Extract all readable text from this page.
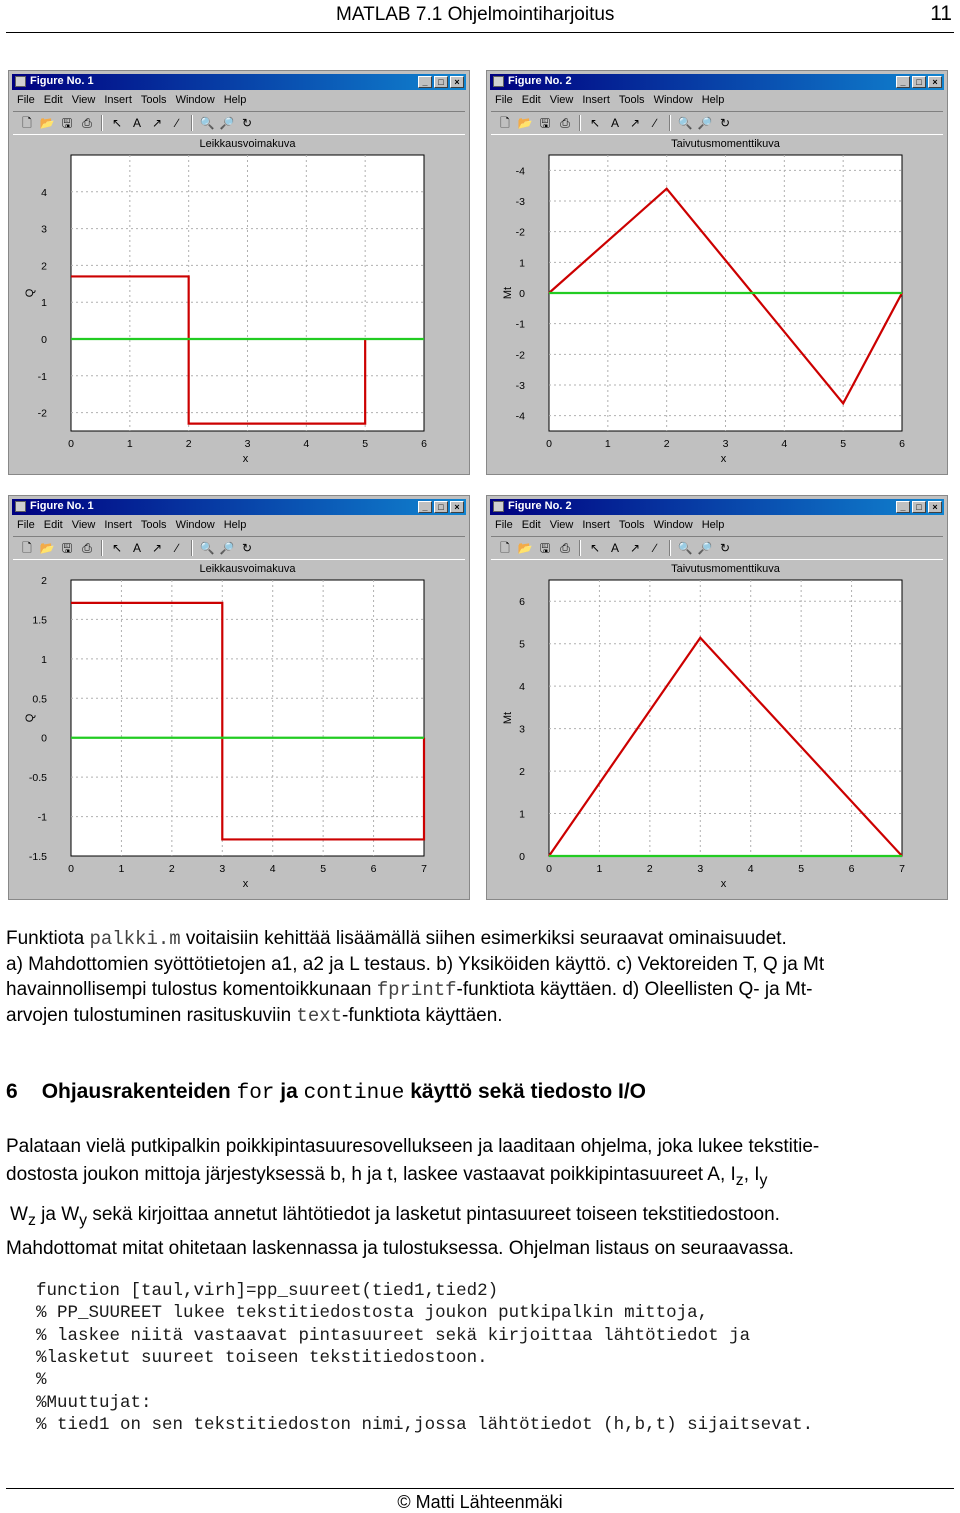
MATLAB 7.1 Ohjelmointiharjoitus	11
Figure No. 1	_	□	×
File Edit View Insert Tools Window Help
🗋 📂 🖫 ⎙ ↖ A ↗	∕	🔍 🔎 ↻
Leikkausvoimakuva
0	1	2	3	4	5	6
-2
-1
0
1
2
3
4
x
Q
Figure No. 2	_	□	×
File Edit View Insert Tools Window Help
🗋 📂 🖫 ⎙ ↖ A ↗	∕	🔍 🔎 ↻
Taivutusmomenttikuva
0	1	2	3	4	5	6
-4
-3
-2
1
0
-1
-2
-3
-4
x
Mt
Figure No. 1	_	□	×
File Edit View Insert Tools Window Help
🗋 📂 🖫 ⎙ ↖ A ↗	∕	🔍 🔎 ↻
Leikkausvoimakuva
0	1	2	3	4	5	6	7
-1.5
-1
-0.5
0
0.5
1
1.5
2
x
Q
Figure No. 2	_	□	×
File Edit View Insert Tools Window Help
🗋 📂 🖫 ⎙ ↖ A ↗	∕	🔍 🔎 ↻
Taivutusmomenttikuva
0	1	2	3	4	5	6	7
0
1
2
3
4
5
6
x
Mt
Funktiota palkki.m voitaisiin kehittää lisäämällä siihen esimerkiksi seuraavat ominaisuudet.
a) Mahdottomien syöttötietojen a1, a2 ja L testaus. b) Yksiköiden käyttö. c) Vektoreiden T, Q ja Mt
havainnollisempi tulostus komentoikkunaan fprintf-funktiota käyttäen. d) Oleellisten Q- ja Mt-
arvojen tulostuminen rasituskuviin text-funktiota käyttäen.
6 Ohjausrakenteiden for ja continue käyttö sekä tiedosto I/O
Palataan vielä putkipalkin poikkipintasuuresovellukseen ja laaditaan ohjelma, joka lukee tekstitie-
dostosta joukon mittoja järjestyksessä b, h ja t, laskee vastaavat poikkipintasuureet A, $I_z$, $I_y$
$W_z$ ja $W_y$ sekä kirjoittaa annetut lähtötiedot ja lasketut pintasuureet toiseen tekstitiedostoon.
Mahdottomat mitat ohitetaan laskennassa ja tulostuksessa. Ohjelman listaus on seuraavassa.
function [taul,virh]=pp_suureet(tied1,tied2)
% PP_SUUREET lukee tekstitiedostosta joukon putkipalkin mittoja,
% laskee niitä vastaavat pintasuureet sekä kirjoittaa lähtötiedot ja
%lasketut suureet toiseen tekstitiedostoon.
%
%Muuttujat:
% tied1 on sen tekstitiedoston nimi,jossa lähtötiedot (h,b,t) sijaitsevat.
© Matti Lähteenmäki
